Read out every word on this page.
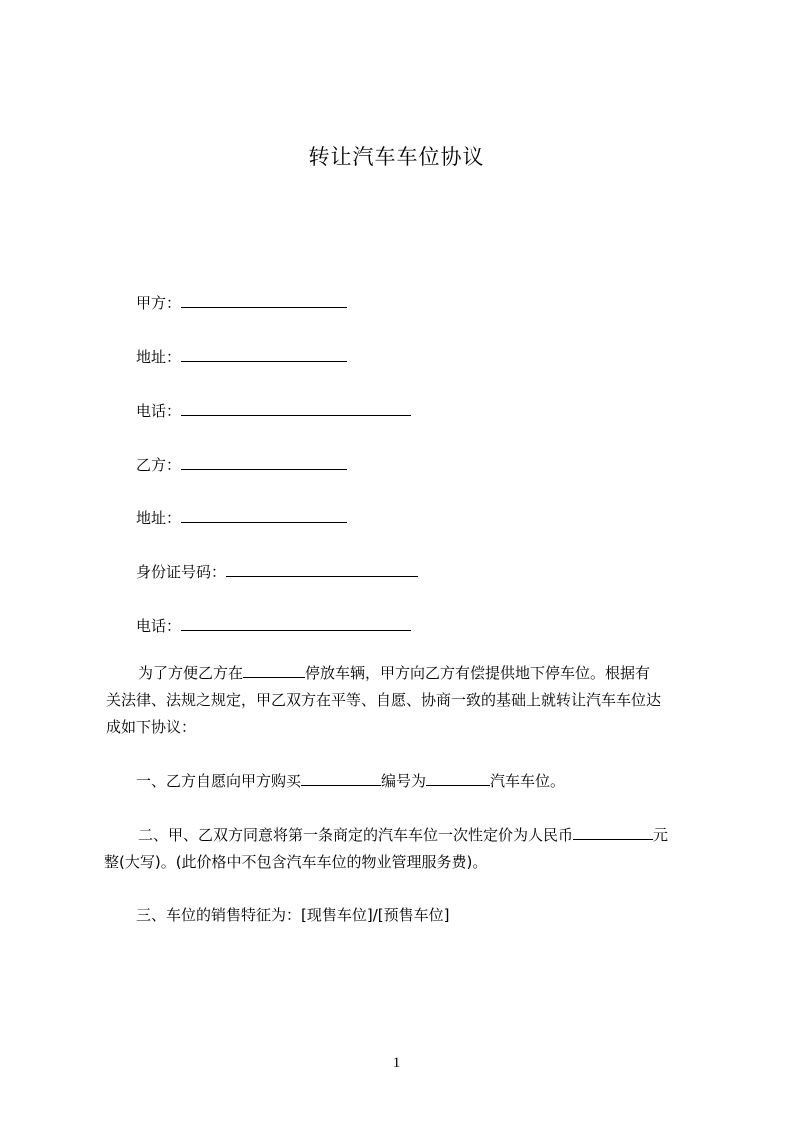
转让汽车车位协议
甲方：
地址：
电话：
乙方：
地址：
身份证号码：
电话：
为了方便乙方在	停放车辆，甲方向乙方有偿提供地下停车位。根据有
关法律、法规之规定，甲乙双方在平等、自愿、协商一致的基础上就转让汽车车位达
成如下协议：
一、乙方自愿向甲方购买	编号为	汽车车位。
二、甲、乙双方同意将第一条商定的汽车车位一次性定价为人民币	元
整(大写)。(此价格中不包含汽车车位的物业管理服务费)。
三、车位的销售特征为：[现售车位]/[预售车位]
1
